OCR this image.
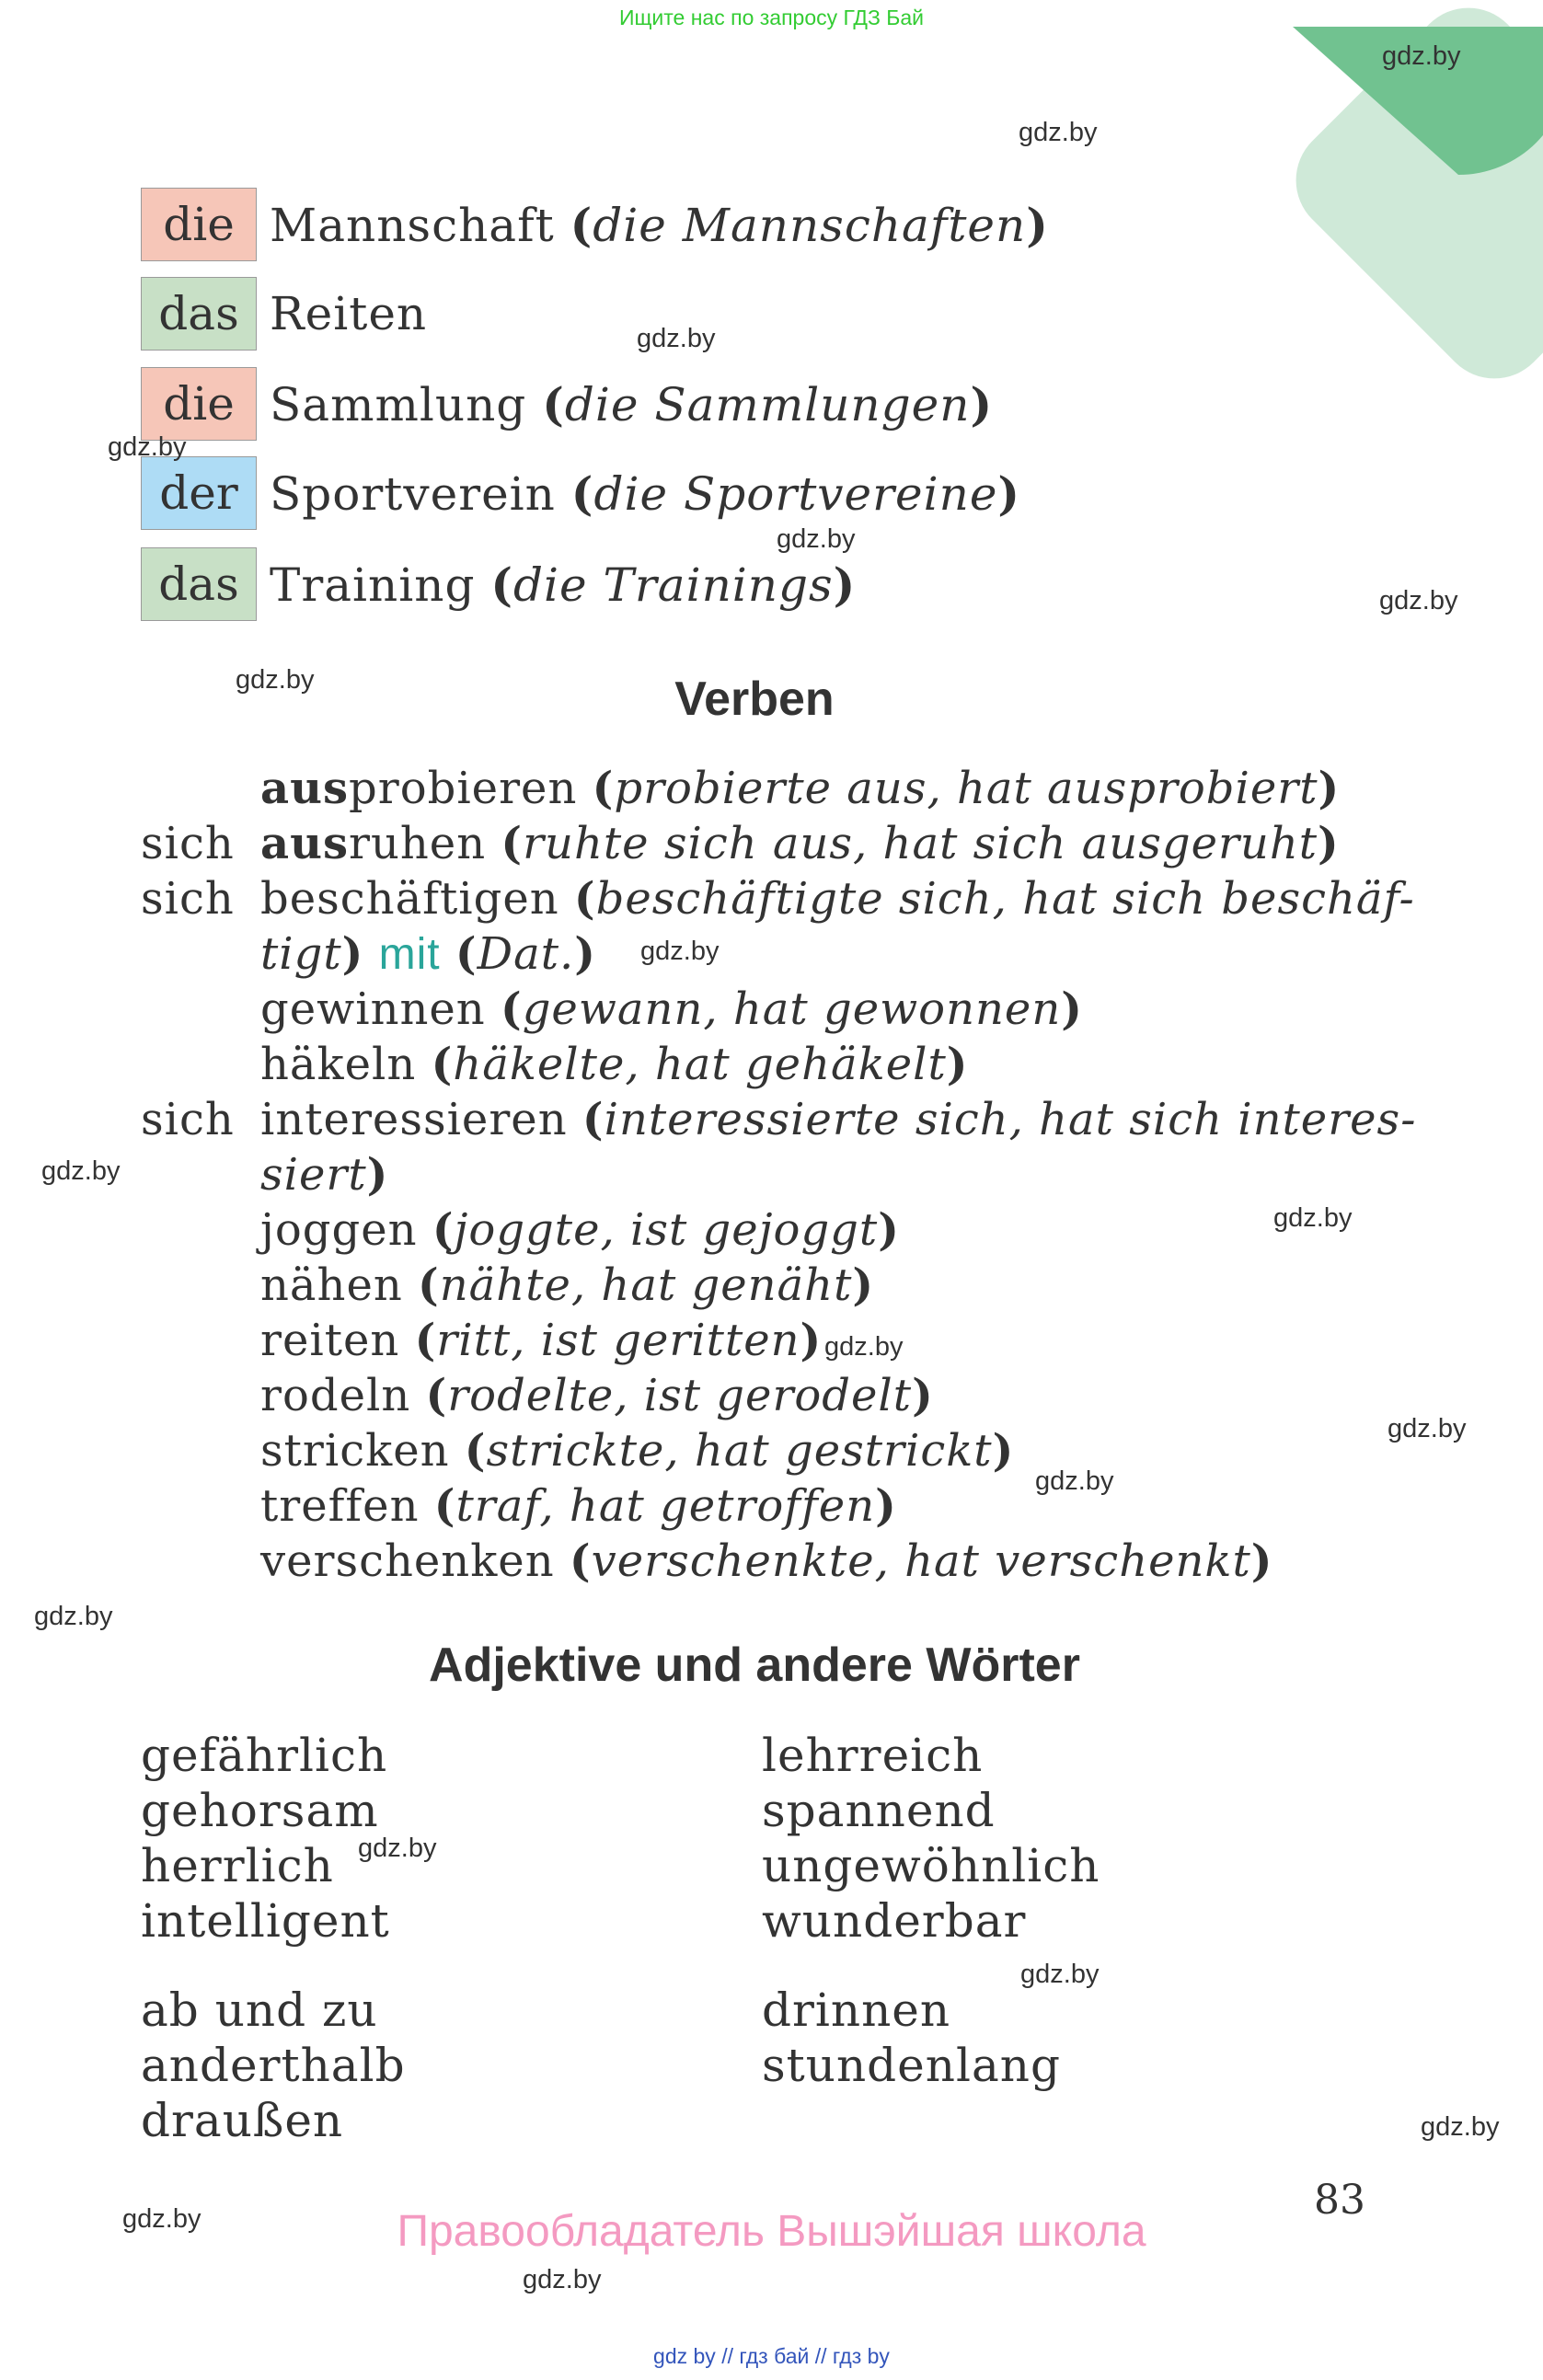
Ищите нас по запросу ГДЗ Бай
die Mannschaft (die Mannschaften)
das Reiten
die Sammlung (die Sammlungen)
der Sportverein (die Sportvereine)
das Training (die Trainings)
Verben
ausprobieren (probierte aus, hat ausprobiert)
sich ausruhen (ruhte sich aus, hat sich ausgeruht)
sich beschäftigen (beschäftigte sich, hat sich beschäf-
tigt) mit (Dat.)
gewinnen (gewann, hat gewonnen)
häkeln (häkelte, hat gehäkelt)
sich interessieren (interessierte sich, hat sich interes-
siert)
joggen (joggte, ist gejoggt)
nähen (nähte, hat genäht)
reiten (ritt, ist geritten)
rodeln (rodelte, ist gerodelt)
stricken (strickte, hat gestrickt)
treffen (traf, hat getroffen)
verschenken (verschenkte, hat verschenkt)
Adjektive und andere Wörter
gefährlich
gehorsam
herrlich
intelligent
lehrreich
spannend
ungewöhnlich
wunderbar
ab und zu
anderthalb
draußen
drinnen
stundenlang
gdz.by
gdz.by
gdz.by
gdz.by
gdz.by
gdz.by
gdz.by
gdz.by
gdz.by
gdz.by
gdz.by
gdz.by
gdz.by
gdz.by
gdz.by
gdz.by
gdz.by
gdz.by
gdz.by
83
Правообладатель Вышэйшая школа
gdz by // гдз бай // гдз by
